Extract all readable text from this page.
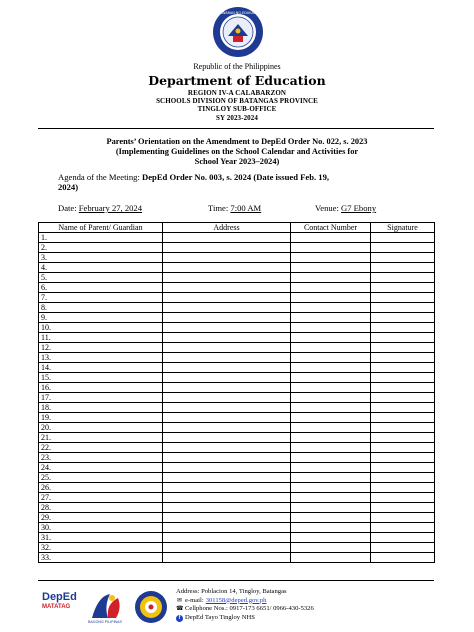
KAGAWARAN NG EDUKASYON
Republic of the Philippines
Department of Education
REGION IV-A CALABARZON
SCHOOLS DIVISION OF BATANGAS PROVINCE
TINGLOY SUB-OFFICE
SY 2023-2024
Parents’ Orientation on the Amendment to DepEd Order No. 022, s. 2023
(Implementing Guidelines on the School Calendar and Activities for
School Year 2023–2024)
Agenda of the Meeting: DepEd Order No. 003, s. 2024 (Date issued Feb. 19,
2024)
Date: February 27, 2024	Time: 7:00 AM	Venue: G7 Ebony
Name of Parent/ Guardian	Address	Contact Number	Signature
1.			
2.			
3.			
4.			
5.			
6.			
7.			
8.			
9.			
10.			
11.			
12.			
13.			
14.			
15.			
16.			
17.			
18.			
19.			
20.			
21.			
22.			
23.			
24.			
25.			
26.			
27.			
28.			
29.			
30.			
31.			
32.			
33.			
DepEd
MATATAG
BAGONG PILIPINAS
Address: Poblacion 14, Tingloy, Batangas
✉ e-mail: 301158@deped.gov.ph
☎ Cellphone Nos.: 0917-173 6651/ 0966-430-5326
f DepEd Tayo Tingloy NHS
